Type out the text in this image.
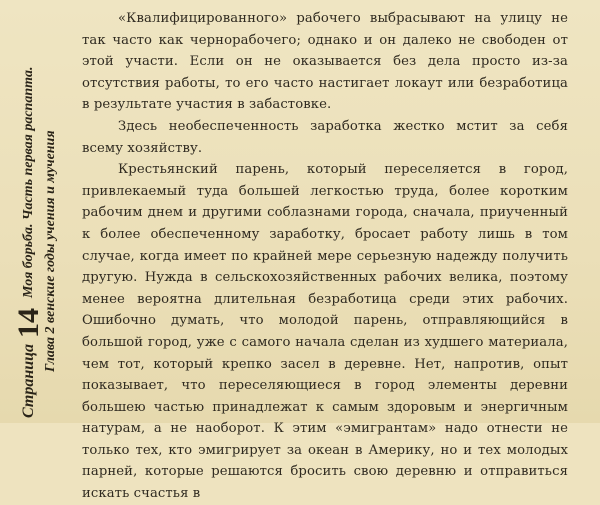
Страница
14
Моя борьба. Часть первая распапта. Глава 2 венские годы учения и мучения

«Квалифицированного» рабочего выбрасывают на улицу не так часто как чернорабочего; однако и он далеко не свободен от этой участи. Если он не оказывается без дела просто из-за отсутствия работы, то его часто настигает локаут или безработица в результате участия в забастовке.

Здесь необеспеченность заработка жестко мстит за себя всему хозяйству.

Крестьянский парень, который переселяется в город, привлекаемый туда большей легкостью труда, более коротким рабочим днем и другими соблазнами города, сначала, приученный к более обеспеченному заработку, бросает работу лишь в том случае, когда имеет по крайней мере серьезную надежду получить другую. Нужда в сельскохозяйственных рабочих велика, поэтому менее вероятна длительная безработица среди этих рабочих. Ошибочно думать, что молодой парень, отправляющийся в большой город, уже с самого начала сделан из худшего материала, чем тот, который крепко засел в деревне. Нет, напротив, опыт показывает, что переселяющиеся в город элементы деревни большею частью принадлежат к самым здоровым и энергичным натурам, а не наоборот. К этим «эмигрантам» надо отнести не только тех, кто эмигрирует за океан в Америку, но и тех молодых парней, которые решаются бросить свою деревню и отправиться искать счастья в
